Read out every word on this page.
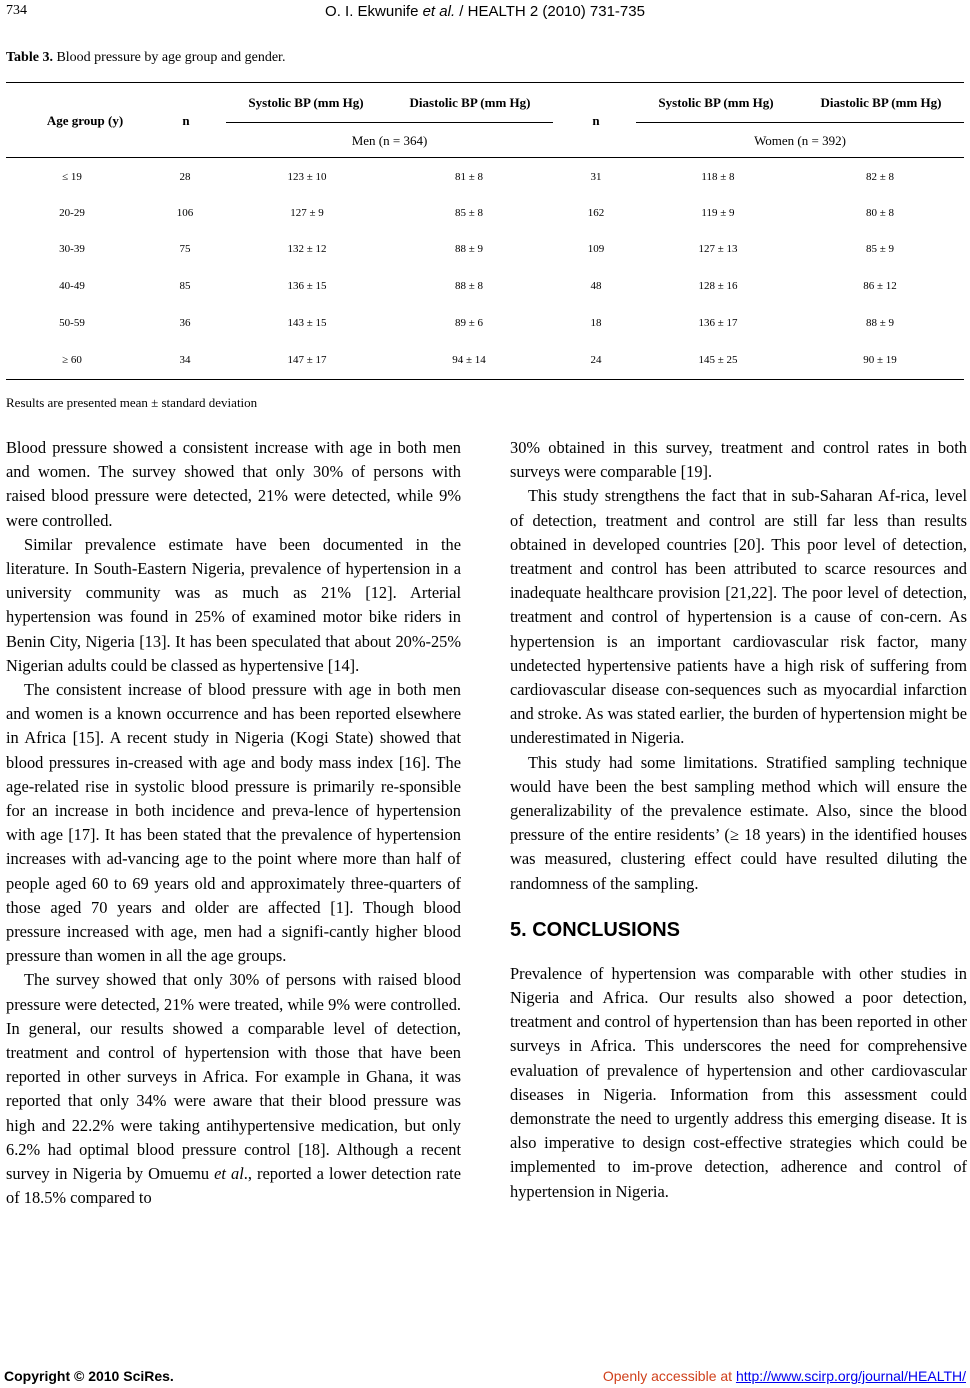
734	O. I. Ekwunife et al. / HEALTH 2 (2010) 731-735
Table 3. Blood pressure by age group and gender.
Age group (y)	n
Systolic BP (mm Hg)	Diastolic BP (mm Hg)
Men (n = 364)
n
Systolic BP (mm Hg)	Diastolic BP (mm Hg)
Women (n = 392)
≤ 19	28	123 ± 10	81 ± 8	31	118 ± 8	82 ± 8
20-29	106	127 ± 9	85 ± 8	162	119 ± 9	80 ± 8
30-39	75	132 ± 12	88 ± 9	109	127 ± 13	85 ± 9
40-49	85	136 ± 15	88 ± 8	48	128 ± 16	86 ± 12
50-59	36	143 ± 15	89 ± 6	18	136 ± 17	88 ± 9
≥ 60	34	147 ± 17	94 ± 14	24	145 ± 25	90 ± 19
Results are presented mean ± standard deviation

Blood pressure showed a consistent increase with age in both men and women. The survey showed that only 30% of persons with raised blood pressure were detected, 21% were detected, while 9% were controlled.

Similar prevalence estimate have been documented in the literature. In South-Eastern Nigeria, prevalence of hypertension in a university community was as much as 21% [12]. Arterial hypertension was found in 25% of examined motor bike riders in Benin City, Nigeria [13]. It has been speculated that about 20%-25% Nigerian adults could be classed as hypertensive [14].

The consistent increase of blood pressure with age in both men and women is a known occurrence and has been reported elsewhere in Africa [15]. A recent study in Nigeria (Kogi State) showed that blood pressures in-creased with age and body mass index [16]. The age-related rise in systolic blood pressure is primarily re-sponsible for an increase in both incidence and preva-lence of hypertension with age [17]. It has been stated that the prevalence of hypertension increases with ad-vancing age to the point where more than half of people aged 60 to 69 years old and approximately three-quarters of those aged 70 years and older are affected [1]. Though blood pressure increased with age, men had a signifi-cantly higher blood pressure than women in all the age groups.

The survey showed that only 30% of persons with raised blood pressure were detected, 21% were treated, while 9% were controlled. In general, our results showed a comparable level of detection, treatment and control of hypertension with those that have been reported in other surveys in Africa. For example in Ghana, it was reported that only 34% were aware that their blood pressure was high and 22.2% were taking antihypertensive medication, but only 6.2% had optimal blood pressure control [18]. Although a recent survey in Nigeria by Omuemu et al., reported a lower detection rate of 18.5% compared to

30% obtained in this survey, treatment and control rates in both surveys were comparable [19].

This study strengthens the fact that in sub-Saharan Af-rica, level of detection, treatment and control are still far less than results obtained in developed countries [20]. This poor level of detection, treatment and control has been attributed to scarce resources and inadequate healthcare provision [21,22]. The poor level of detection, treatment and control of hypertension is a cause of con-cern. As hypertension is an important cardiovascular risk factor, many undetected hypertensive patients have a high risk of suffering from cardiovascular disease con-sequences such as myocardial infarction and stroke. As was stated earlier, the burden of hypertension might be underestimated in Nigeria.

This study had some limitations. Stratified sampling technique would have been the best sampling method which will ensure the generalizability of the prevalence estimate. Also, since the blood pressure of the entire residents’ (≥ 18 years) in the identified houses was measured, clustering effect could have resulted diluting the randomness of the sampling.

5. CONCLUSIONS

Prevalence of hypertension was comparable with other studies in Nigeria and Africa. Our results also showed a poor detection, treatment and control of hypertension than has been reported in other surveys in Africa. This underscores the need for comprehensive evaluation of prevalence of hypertension and other cardiovascular diseases in Nigeria. Information from this assessment could demonstrate the need to urgently address this emerging disease. It is also imperative to design cost-effective strategies which could be implemented to im-prove detection, adherence and control of hypertension in Nigeria.

Copyright © 2010 SciRes.	Openly accessible at http://www.scirp.org/journal/HEALTH/
